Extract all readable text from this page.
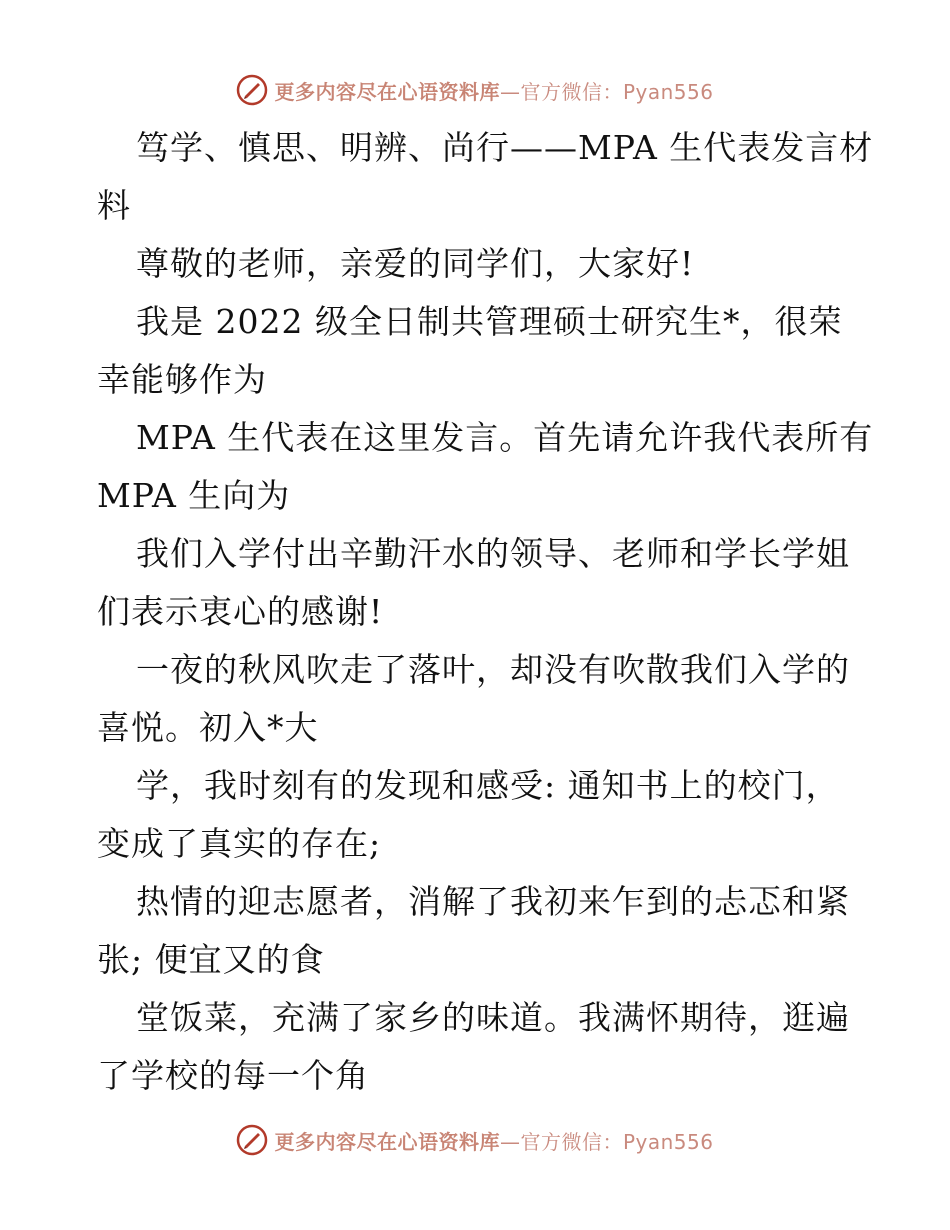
更多内容尽在心语资料库—官方微信：Pyan556
笃学、慎思、明辨、尚行——MPA 生代表发言材
料
尊敬的老师，亲爱的同学们，大家好!
我是 2022 级全日制共管理硕士研究生*，很荣
幸能够作为
MPA 生代表在这里发言。首先请允许我代表所有
MPA 生向为
我们入学付出辛勤汗水的领导、老师和学长学姐
们表示衷心的感谢!
一夜的秋风吹走了落叶，却没有吹散我们入学的
喜悦。初入*大
学，我时刻有的发现和感受: 通知书上的校门，
变成了真实的存在;
热情的迎志愿者，消解了我初来乍到的忐忑和紧
张; 便宜又的食
堂饭菜，充满了家乡的味道。我满怀期待，逛遍
了学校的每一个角
更多内容尽在心语资料库—官方微信：Pyan556
